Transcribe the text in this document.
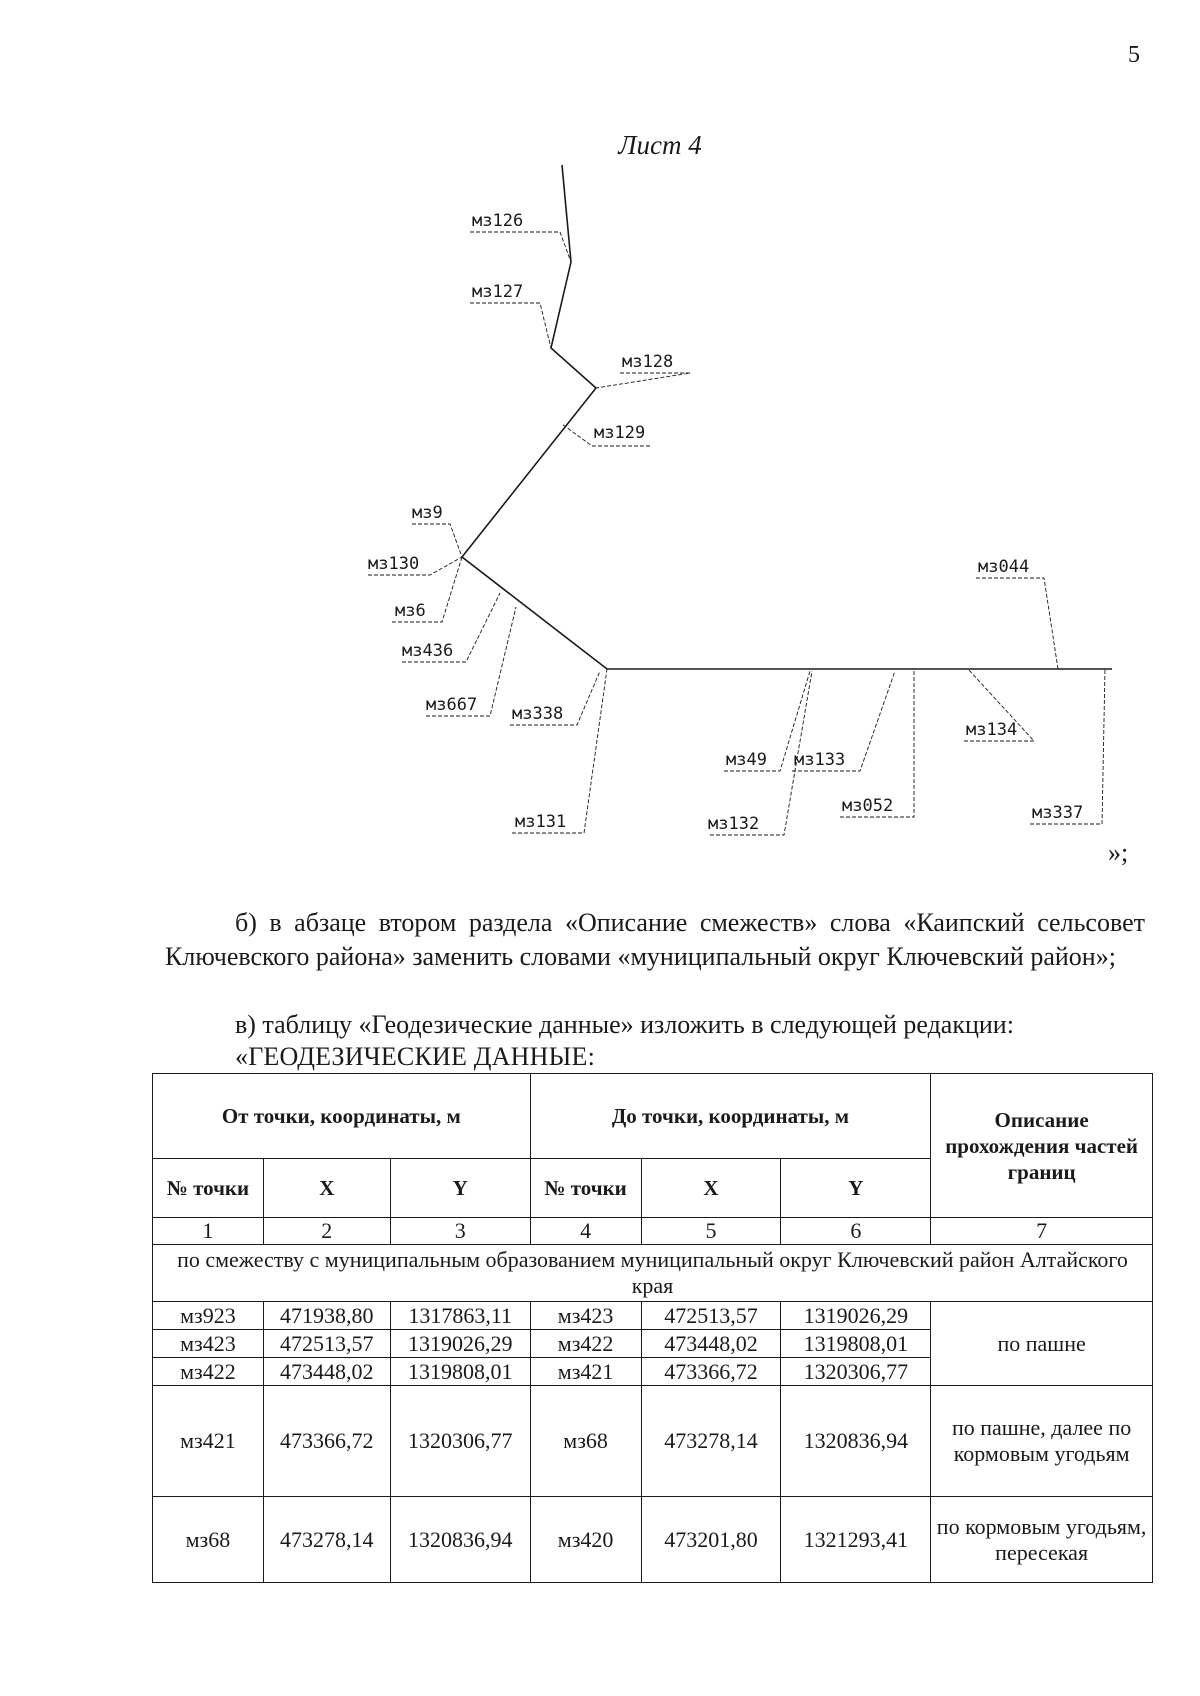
5
Лист 4
мз126
мз127
мз128
мз129
мз9
мз130
мз6
мз436
мз667 мз338
мз131
мз49 мз133
мз132
мз052
мз044
мз134
мз337
»;
б) в абзаце втором раздела «Описание смежеств» слова «Каипский сельсовет Ключевского района» заменить словами «муниципальный округ Ключевский район»;
в) таблицу «Геодезические данные» изложить в следующей редакции:
«ГЕОДЕЗИЧЕСКИЕ ДАННЫЕ:
От точки, координаты, м			До точки, координаты, м			Описание прохождения частей границ
№ точки	X	Y	№ точки	X	Y	
1	2	3	4	5	6	7
по смежеству с муниципальным образованием муниципальный округ Ключевский район Алтайского края						
мз923	471938,80	1317863,11	мз423	472513,57	1319026,29	по пашне
мз423	472513,57	1319026,29	мз422	473448,02	1319808,01	
мз422	473448,02	1319808,01	мз421	473366,72	1320306,77	
мз421	473366,72	1320306,77	мз68	473278,14	1320836,94	по пашне, далее по кормовым угодьям
мз68	473278,14	1320836,94	мз420	473201,80	1321293,41	по кормовым угодьям, пересекая
